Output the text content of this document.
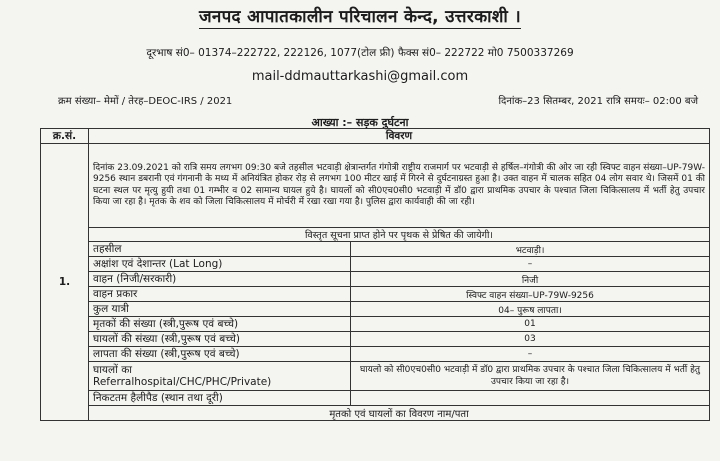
जनपद आपातकालीन परिचालन केन्द, उत्तरकाशी ।
दूरभाष सं0– 01374–222722, 222126, 1077(टोल फ्री) फैक्स सं0– 222722 मो0 7500337269
mail-ddmauttarkashi@gmail.com
क्रम संख्या– मेमों / तेरह–DEOC-IRS / 2021	दिनांक–23 सितम्बर, 2021 रात्रि समयः– 02:00 बजे
आख्या :– सड़क दुर्घटना
क्र.सं.	विवरण	
1.	दिनांक 23.09.2021 को रात्रि समय लगभग 09:30 बजे तहसील भटवाड़ी क्षेत्रान्तर्गत गंगोत्री राष्ट्रीय राजमार्ग पर भटवाड़ी से हर्षिल–गंगोत्री की ओर जा रही स्विफ्ट वाहन संख्या–UP-79W-9256 स्थान डबरानी एवं गंगनानी के मध्य में अनियंत्रित होकर रोड़ से लगभग 100 मीटर खाई में गिरने से दुर्घटनाग्रस्त हुआ है। उक्त वाहन में चालक सहित 04 लोग सवार थे। जिसमें 01 की घटना स्थल पर मृत्यु हुयी तथा 01 गम्भीर व 02 सामान्य घायल हुये है। घायलों को सी0एच0सी0 भटवाड़ी में डॉ0 द्वारा प्राथमिक उपचार के पश्चात जिला चिकित्सालय में भर्ती हेतु उपचार किया जा रहा है। मृतक के शव को जिला चिकित्सालय में मोर्चरी में रखा रखा गया है। पुलिस द्वारा कार्यवाही की जा रही।	
	विस्तृत सूचना प्राप्त होने पर पृथक से प्रेषित की जायेगी।	
	तहसील	भटवाड़ी।
	अक्षांश एवं देशान्तर (Lat Long)	–
	वाहन (निजी/सरकारी)	निजी
	वाहन प्रकार	स्विफ्ट वाहन संख्या–UP-79W-9256
	कुल यात्री	04– पुरूष लापता।
	मृतकों की संख्या (स्त्री,पुरूष एवं बच्चे)	01
	घायलों की संख्या (स्त्री,पुरूष एवं बच्चे)	03
	लापता की संख्या (स्त्री,पुरूष एवं बच्चे)	–
	घायलों का
Referralhospital/CHC/PHC/Private)	घायलो को सी0एच0सी0 भटवाड़ी में डॉ0 द्वारा प्राथमिक उपचार के पश्चात जिला चिकित्सालय में भर्ती हेतु उपचार किया जा रहा है।
	निकटतम हैलीपैड (स्थान तथा दूरी)	
	मृतको एवं घायलों का विवरण नाम/पता	
